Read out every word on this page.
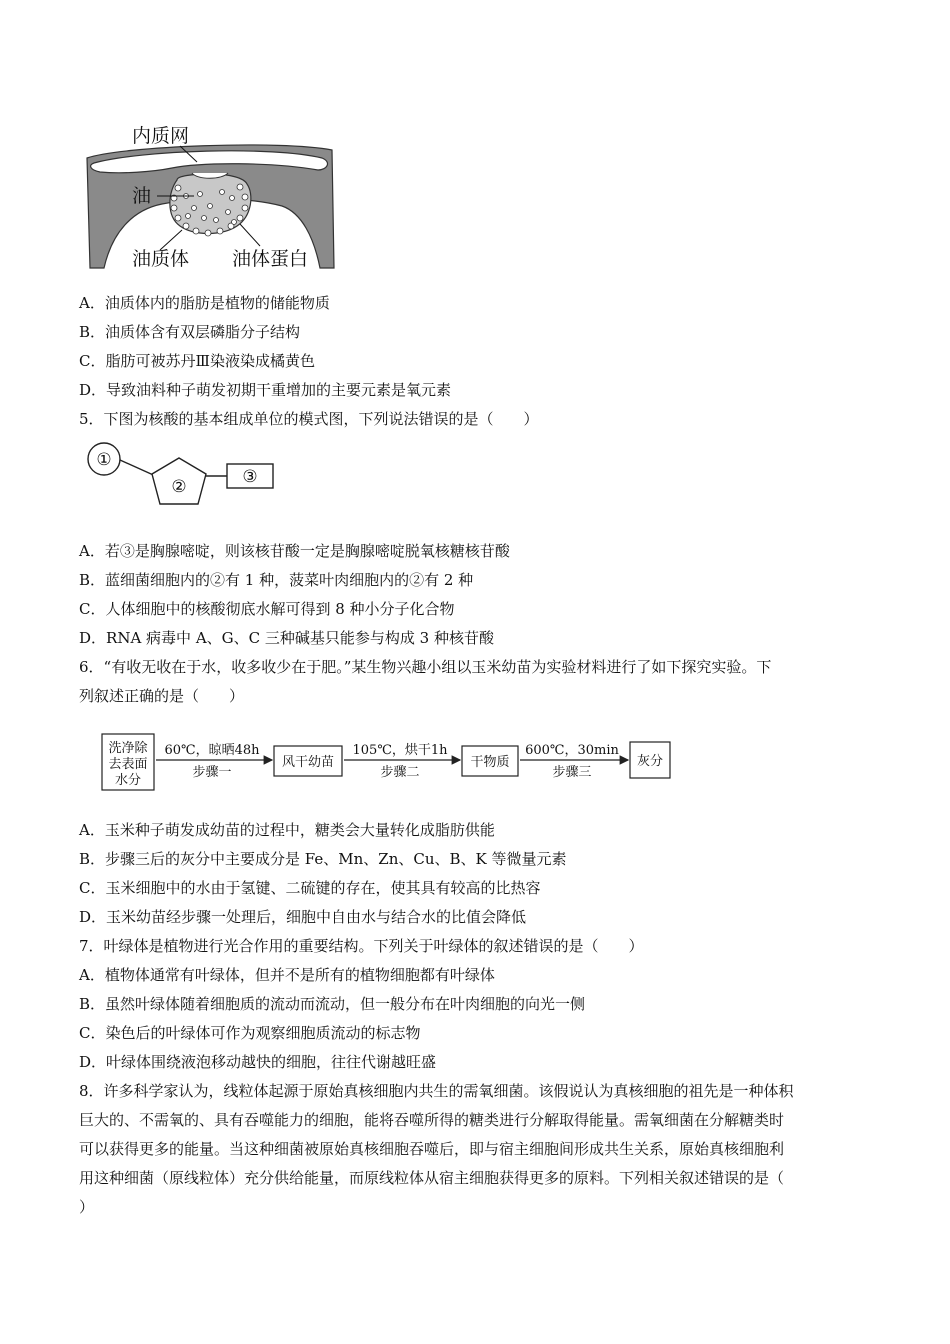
内质网
油
油质体 油体蛋白
A．油质体内的脂肪是植物的储能物质
B．油质体含有双层磷脂分子结构
C．脂肪可被苏丹Ⅲ染液染成橘黄色
D．导致油料种子萌发初期干重增加的主要元素是氧元素
5．下图为核酸的基本组成单位的模式图，下列说法错误的是（　　）
①
②	③
A．若③是胸腺嘧啶，则该核苷酸一定是胸腺嘧啶脱氧核糖核苷酸
B．蓝细菌细胞内的②有 1 种，菠菜叶肉细胞内的②有 2 种
C．人体细胞中的核酸彻底水解可得到 8 种小分子化合物
D．RNA 病毒中 A、G、C 三种碱基只能参与构成 3 种核苷酸
6．“有收无收在于水，收多收少在于肥。”某生物兴趣小组以玉米幼苗为实验材料进行了如下探究实验。下
列叙述正确的是（　　）
洗净除
去表面
水分
60℃，晾晒48h
步骤一
风干幼苗
105℃，烘干1h
步骤二
干物质
600℃，30min
步骤三
灰分
A．玉米种子萌发成幼苗的过程中，糖类会大量转化成脂肪供能
B．步骤三后的灰分中主要成分是 Fe、Mn、Zn、Cu、B、K 等微量元素
C．玉米细胞中的水由于氢键、二硫键的存在，使其具有较高的比热容
D．玉米幼苗经步骤一处理后，细胞中自由水与结合水的比值会降低
7．叶绿体是植物进行光合作用的重要结构。下列关于叶绿体的叙述错误的是（　　）
A．植物体通常有叶绿体，但并不是所有的植物细胞都有叶绿体
B．虽然叶绿体随着细胞质的流动而流动，但一般分布在叶肉细胞的向光一侧
C．染色后的叶绿体可作为观察细胞质流动的标志物
D．叶绿体围绕液泡移动越快的细胞，往往代谢越旺盛
8．许多科学家认为，线粒体起源于原始真核细胞内共生的需氧细菌。该假说认为真核细胞的祖先是一种体积
巨大的、不需氧的、具有吞噬能力的细胞，能将吞噬所得的糖类进行分解取得能量。需氧细菌在分解糖类时
可以获得更多的能量。当这种细菌被原始真核细胞吞噬后，即与宿主细胞间形成共生关系，原始真核细胞利
用这种细菌（原线粒体）充分供给能量，而原线粒体从宿主细胞获得更多的原料。下列相关叙述错误的是（
）
